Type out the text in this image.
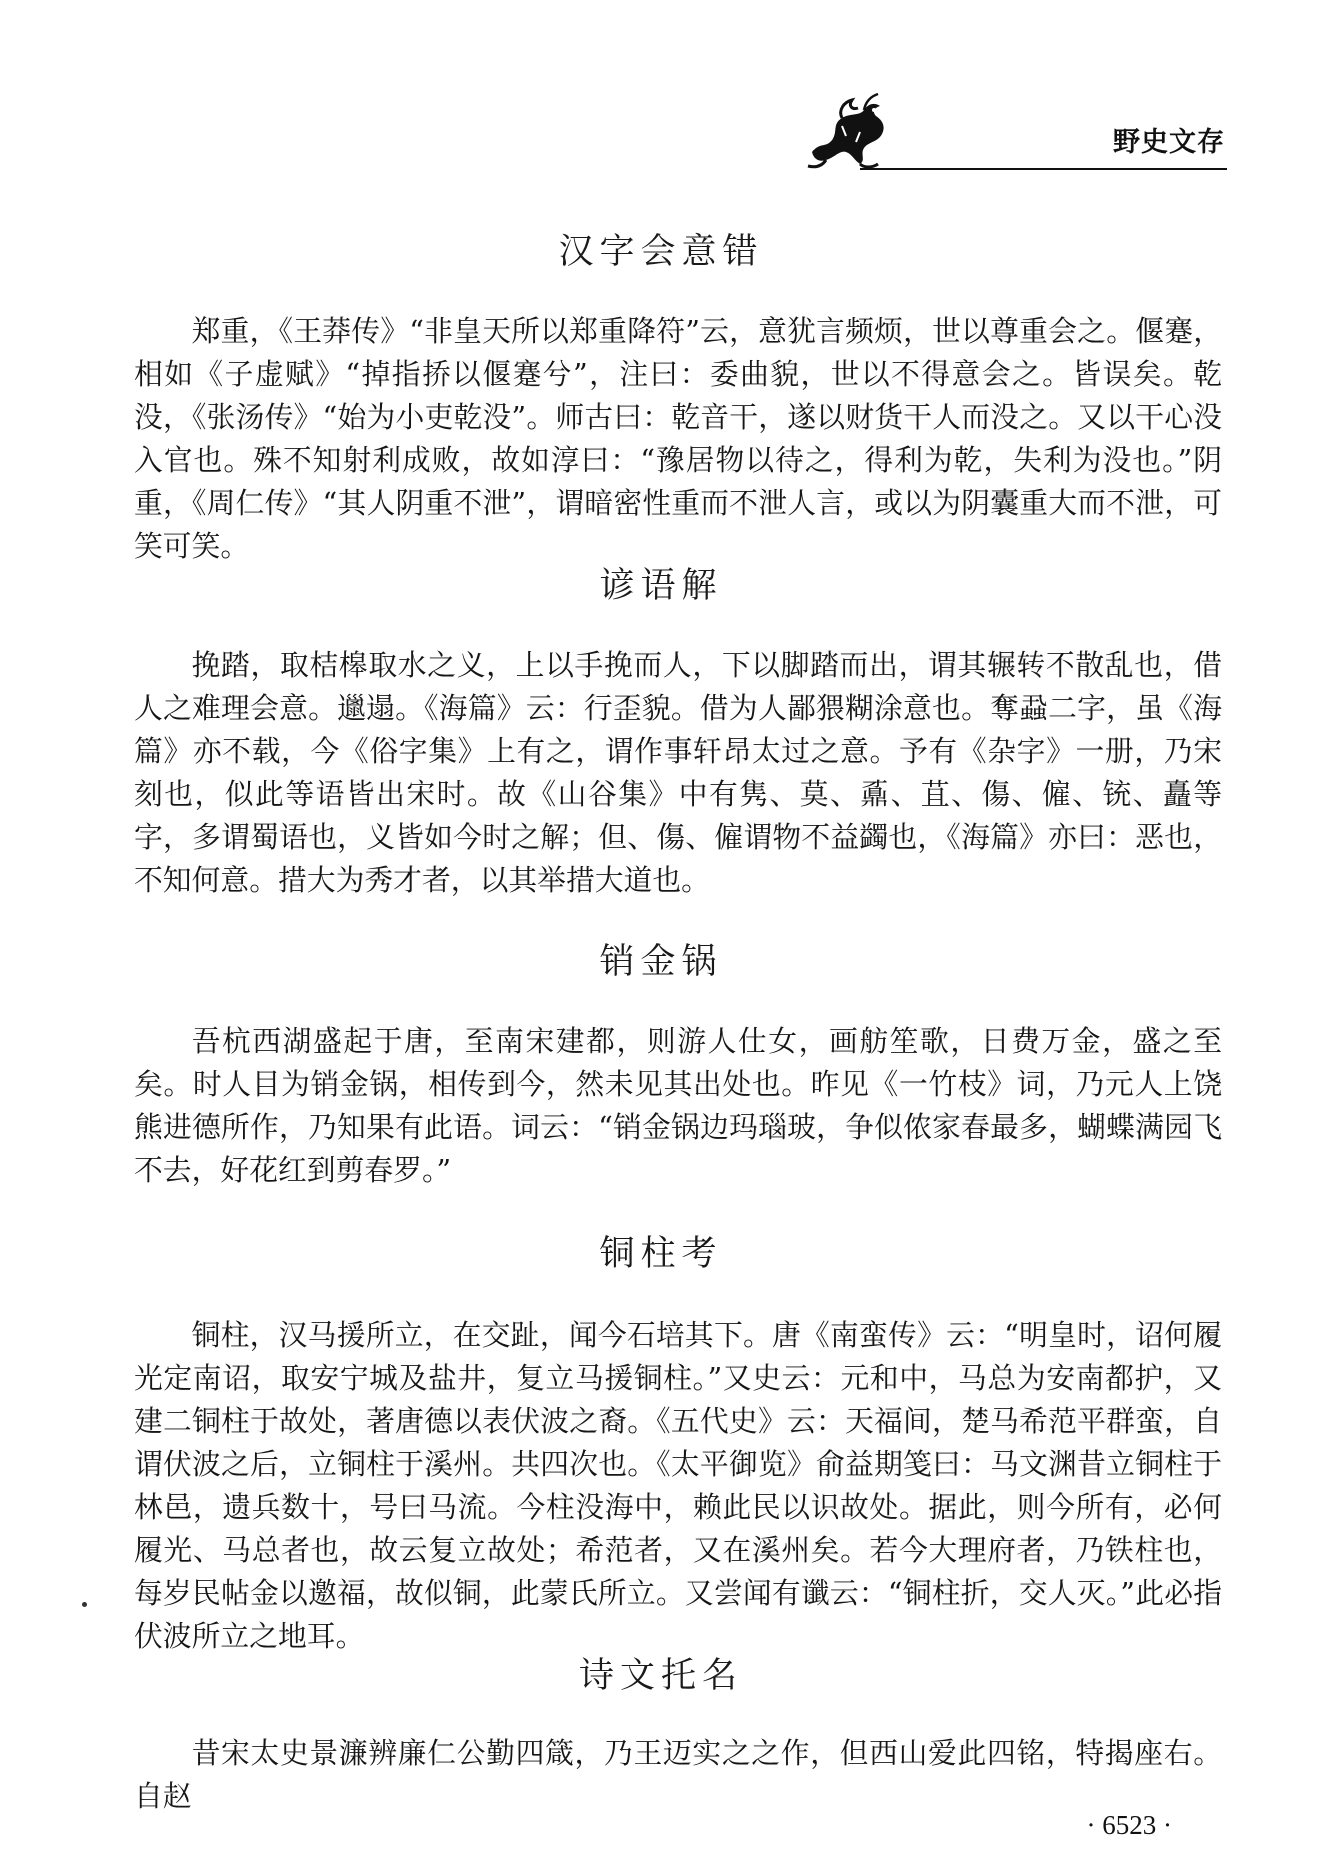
野史文存
汉字会意错

郑重，《王莽传》“非皇天所以郑重降符”云，意犹言频烦，世以尊重会之。偃蹇，相如《子虚赋》“掉指挢以偃蹇兮”，注曰：委曲貌，世以不得意会之。皆误矣。乾没，《张汤传》“始为小吏乾没”。师古曰：乾音干，遂以财货干人而没之。又以干心没入官也。殊不知射利成败，故如淳曰：“豫居物以待之，得利为乾，失利为没也。”阴重，《周仁传》“其人阴重不泄”，谓暗密性重而不泄人言，或以为阴囊重大而不泄，可笑可笑。

谚语解

挽踏，取桔槔取水之义，上以手挽而人，下以脚踏而出，谓其辗转不散乱也，借人之难理会意。邋遢。《海篇》云：行歪貌。借为人鄙猥糊涂意也。奪蝨二字，虽《海篇》亦不载，今《俗字集》上有之，谓作事轩昂太过之意。予有《杂字》一册，乃宋刻也，似此等语皆出宋时。故《山谷集》中有隽、莫、鼒、苴、傷、僱、铳、矗等字，多谓蜀语也，义皆如今时之解；但、傷、僱谓物不益蠲也，《海篇》亦曰：恶也，不知何意。措大为秀才者，以其举措大道也。

销金锅

吾杭西湖盛起于唐，至南宋建都，则游人仕女，画舫笙歌，日费万金，盛之至矣。时人目为销金锅，相传到今，然未见其出处也。昨见《一竹枝》词，乃元人上饶熊进德所作，乃知果有此语。词云：“销金锅边玛瑙玻，争似侬家春最多，蝴蝶满园飞不去，好花红到剪春罗。”

铜柱考

铜柱，汉马援所立，在交趾，闻今石培其下。唐《南蛮传》云：“明皇时，诏何履光定南诏，取安宁城及盐井，复立马援铜柱。”又史云：元和中，马总为安南都护，又建二铜柱于故处，著唐德以表伏波之裔。《五代史》云：天福间，楚马希范平群蛮，自谓伏波之后，立铜柱于溪州。共四次也。《太平御览》俞益期笺曰：马文渊昔立铜柱于林邑，遗兵数十，号曰马流。今柱没海中，赖此民以识故处。据此，则今所有，必何履光、马总者也，故云复立故处；希范者，又在溪州矣。若今大理府者，乃铁柱也，每岁民帖金以邀福，故似铜，此蒙氏所立。又尝闻有谶云：“铜柱折，交人灭。”此必指伏波所立之地耳。

诗文托名

昔宋太史景濂辨廉仁公勤四箴，乃王迈实之之作，但西山爱此四铭，特揭座右。自赵

· 6523 ·
